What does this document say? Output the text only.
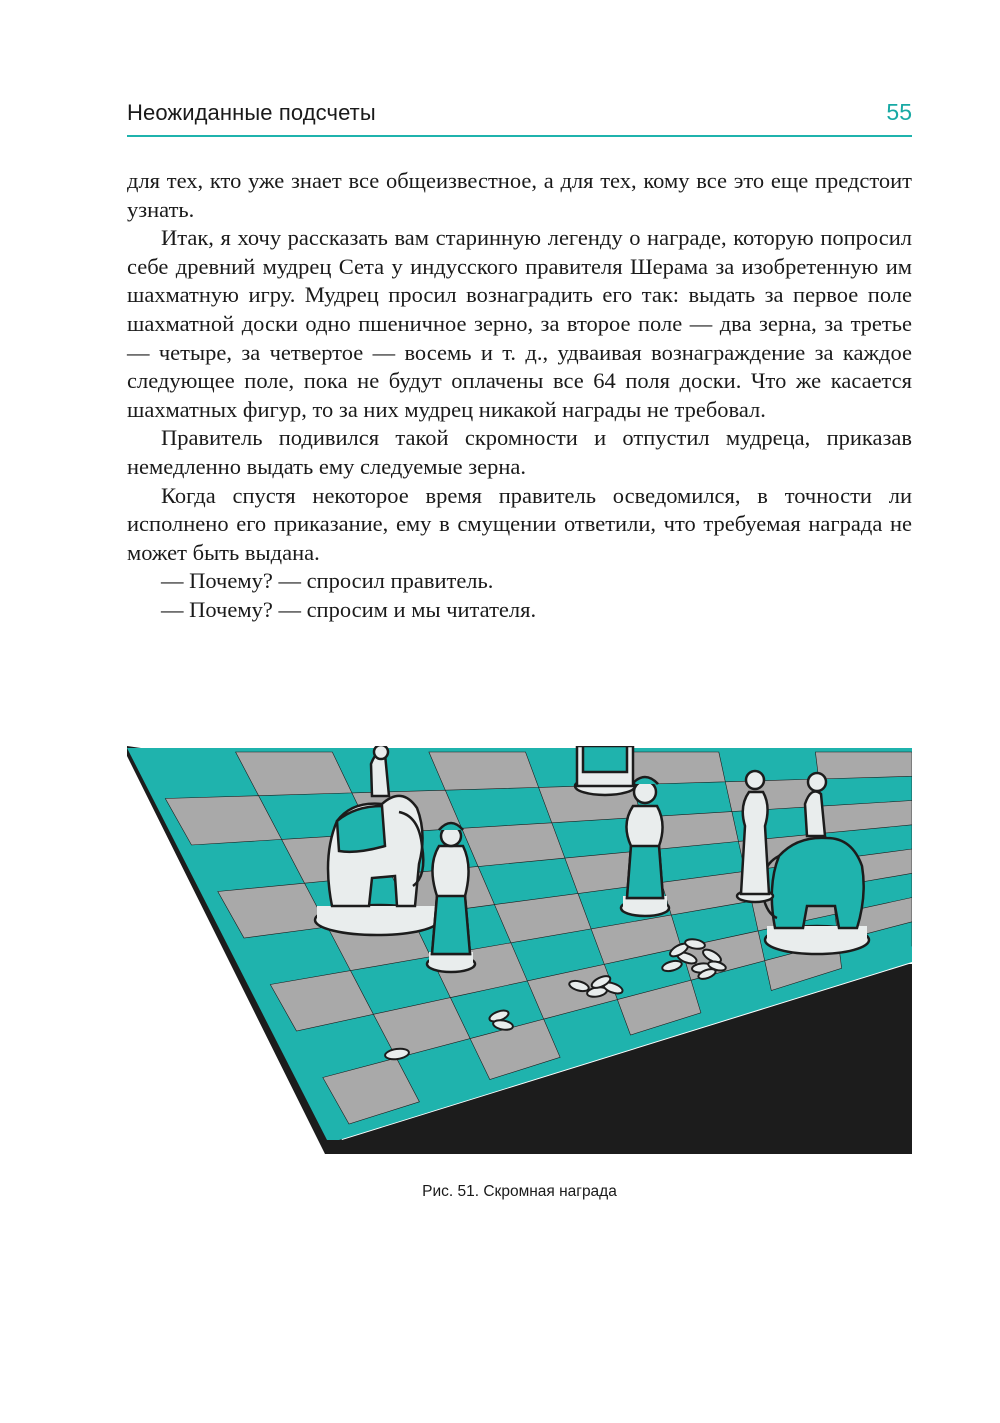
Неожиданные подсчеты	55

для тех, кто уже знает все общеизвестное, а для тех, кому все это еще предстоит узнать.

Итак, я хочу рассказать вам старинную легенду о награде, которую попросил себе древний мудрец Сета у индусского правителя Шерама за изобретенную им шахматную игру. Мудрец просил вознаградить его так: выдать за первое поле шахматной доски одно пшеничное зерно, за второе поле — два зерна, за третье — четыре, за четвертое — восемь и т. д., удваивая вознаграждение за каждое следующее поле, пока не будут оплачены все 64 поля доски. Что же касается шахматных фигур, то за них мудрец никакой награды не требовал.

Правитель подивился такой скромности и отпустил мудреца, приказав немедленно выдать ему следуемые зерна.

Когда спустя некоторое время правитель осведомился, в точности ли исполнено его приказание, ему в смущении ответили, что требуемая награда не может быть выдана.

— Почему? — спросил правитель.

— Почему? — спросим и мы читателя.

Рис. 51. Скромная награда
